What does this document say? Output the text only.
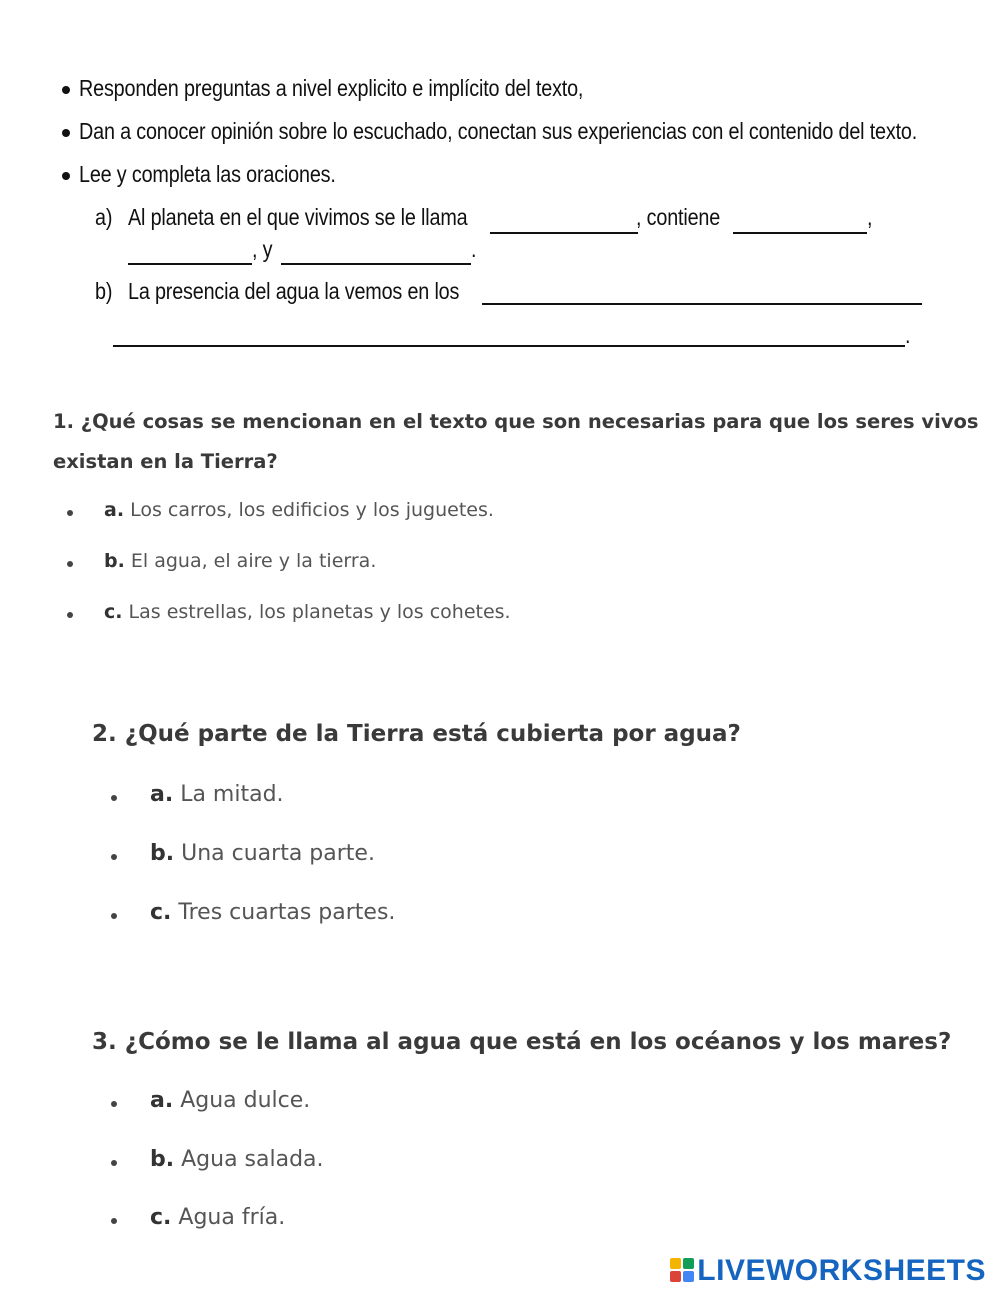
Responden preguntas a nivel explicito e implícito del texto,
Dan a conocer opinión sobre lo escuchado, conectan sus experiencias con el contenido del texto.
Lee y completa las oraciones.
a) Al planeta en el que vivimos se le llama	, contiene	,
, y	.
b) La presencia del agua la vemos en los
.
1. ¿Qué cosas se mencionan en el texto que son necesarias para que los seres vivos
existan en la Tierra?
a. Los carros, los edificios y los juguetes.
b. El agua, el aire y la tierra.
c. Las estrellas, los planetas y los cohetes.
2. ¿Qué parte de la Tierra está cubierta por agua?
a. La mitad.
b. Una cuarta parte.
c. Tres cuartas partes.
3. ¿Cómo se le llama al agua que está en los océanos y los mares?
a. Agua dulce.
b. Agua salada.
c. Agua fría.
LIVEWORKSHEETS
